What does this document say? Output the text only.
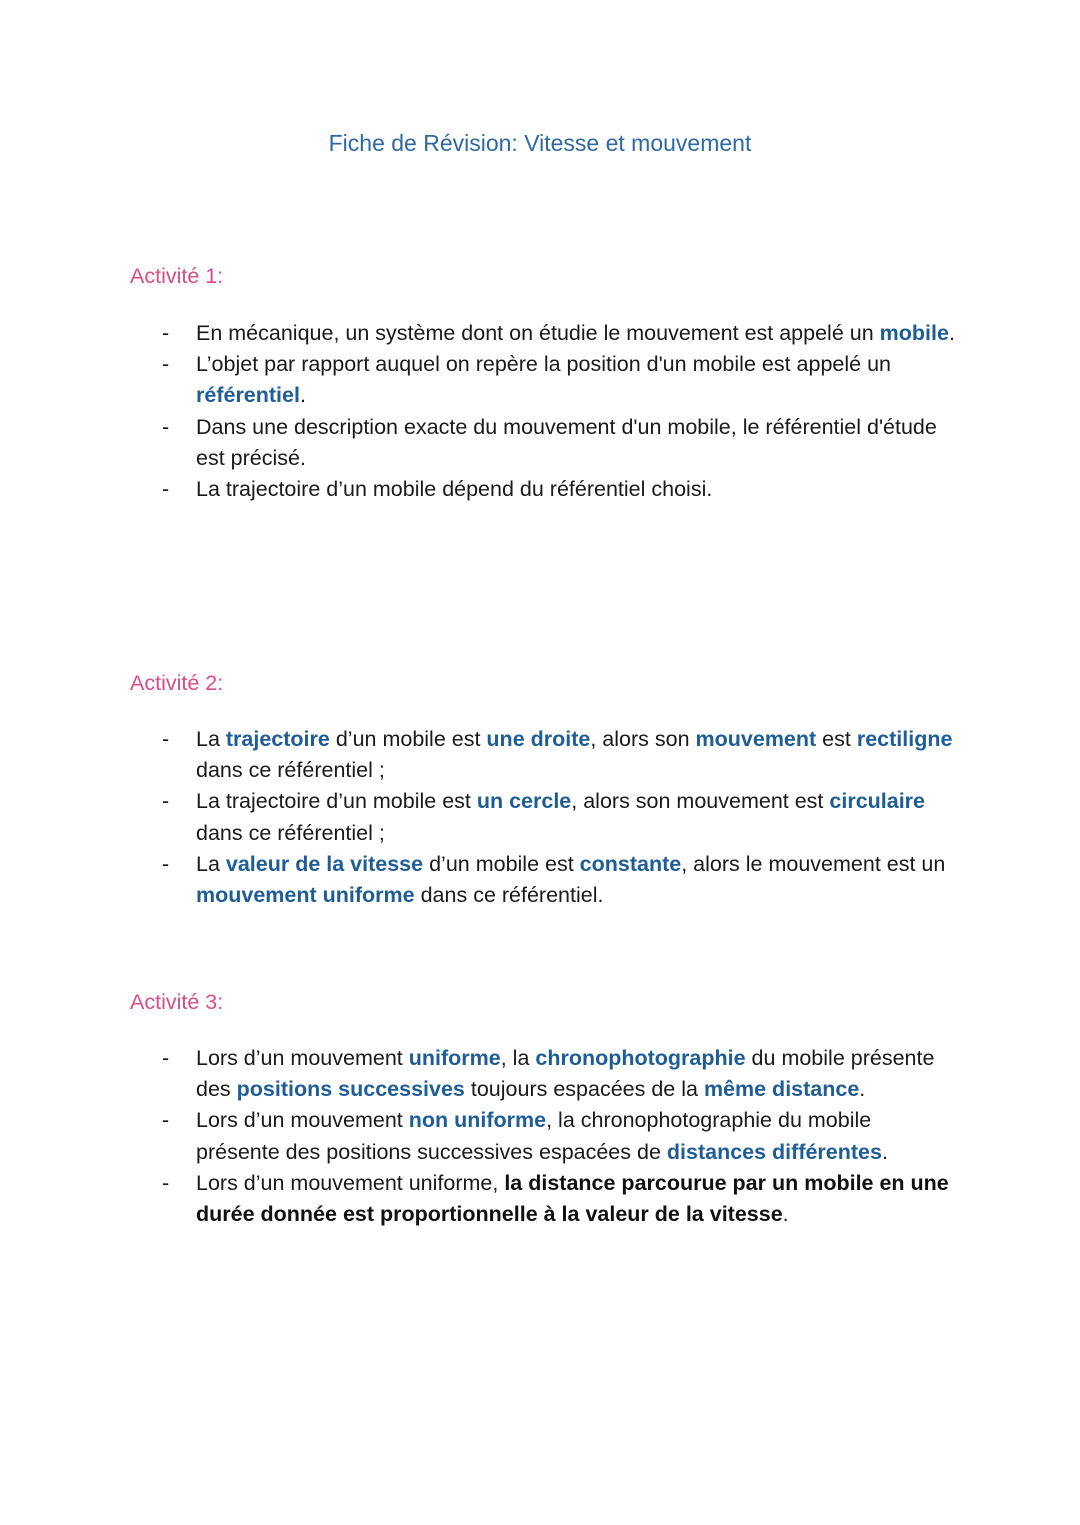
Fiche de Révision: Vitesse et mouvement
Activité 1:
- En mécanique, un système dont on étudie le mouvement est appelé un mobile.
- L’objet par rapport auquel on repère la position d'un mobile est appelé un référentiel.
- Dans une description exacte du mouvement d'un mobile, le référentiel d'étude est précisé.
- La trajectoire d’un mobile dépend du référentiel choisi.
Activité 2:
- La trajectoire d’un mobile est une droite, alors son mouvement est rectiligne dans ce référentiel ;
- La trajectoire d’un mobile est un cercle, alors son mouvement est circulaire dans ce référentiel ;
- La valeur de la vitesse d’un mobile est constante, alors le mouvement est un mouvement uniforme dans ce référentiel.
Activité 3:
- Lors d’un mouvement uniforme, la chronophotographie du mobile présente des positions successives toujours espacées de la même distance.
- Lors d’un mouvement non uniforme, la chronophotographie du mobile présente des positions successives espacées de distances différentes.
- Lors d’un mouvement uniforme, la distance parcourue par un mobile en une durée donnée est proportionnelle à la valeur de la vitesse.
